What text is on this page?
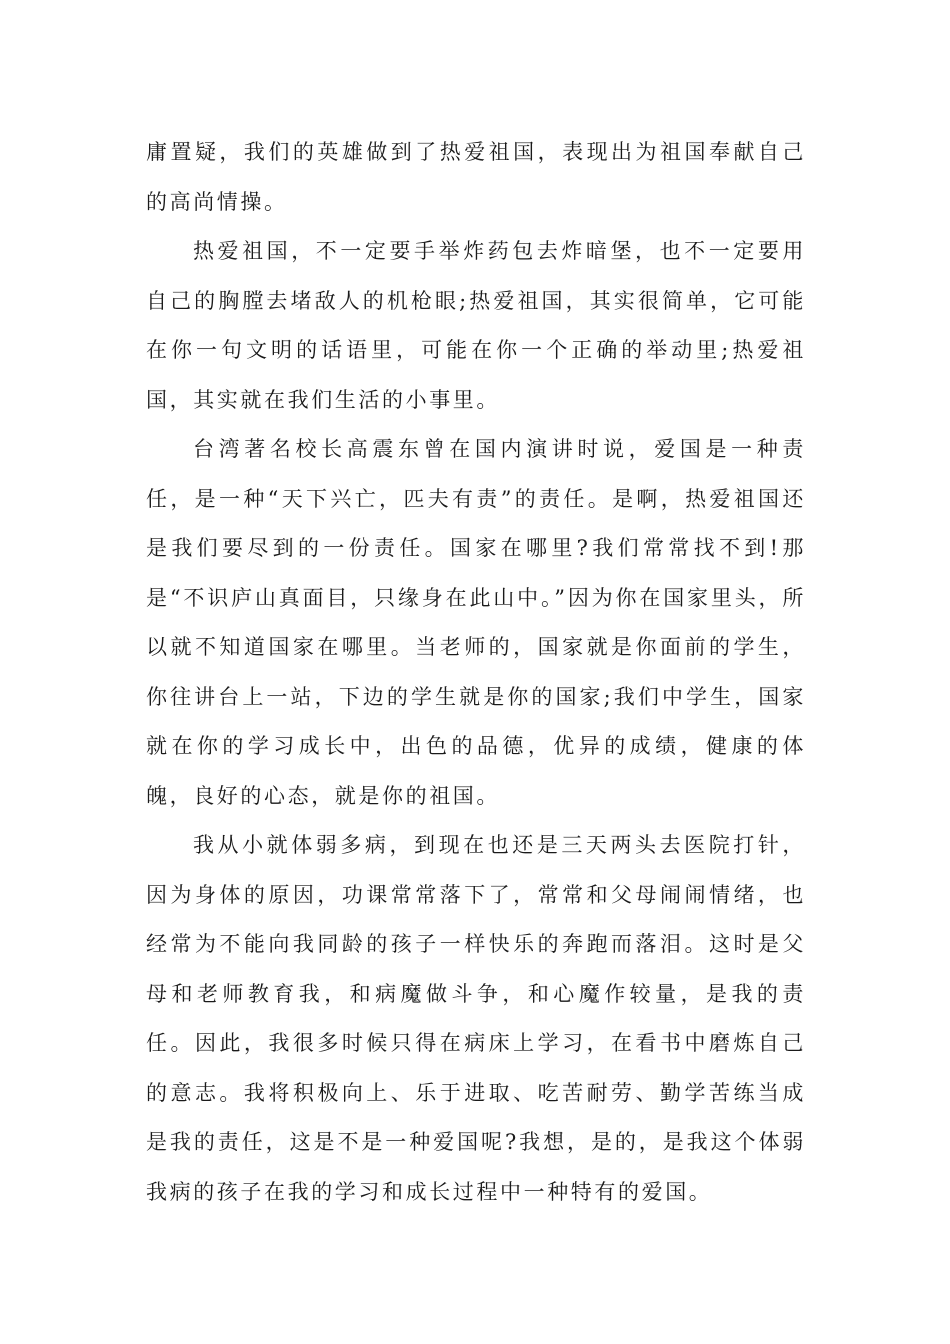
庸置疑，我们的英雄做到了热爱祖国，表现出为祖国奉献自己的高尚情操。

热爱祖国，不一定要手举炸药包去炸暗堡，也不一定要用自己的胸膛去堵敌人的机枪眼;热爱祖国，其实很简单，它可能在你一句文明的话语里，可能在你一个正确的举动里;热爱祖国，其实就在我们生活的小事里。

台湾著名校长高震东曾在国内演讲时说，爱国是一种责任，是一种“天下兴亡，匹夫有责”的责任。是啊，热爱祖国还是我们要尽到的一份责任。国家在哪里?我们常常找不到!那是“不识庐山真面目，只缘身在此山中。”因为你在国家里头，所以就不知道国家在哪里。当老师的，国家就是你面前的学生，你往讲台上一站，下边的学生就是你的国家;我们中学生，国家就在你的学习成长中，出色的品德，优异的成绩，健康的体魄，良好的心态，就是你的祖国。

我从小就体弱多病，到现在也还是三天两头去医院打针，因为身体的原因，功课常常落下了，常常和父母闹闹情绪，也经常为不能向我同龄的孩子一样快乐的奔跑而落泪。这时是父母和老师教育我，和病魔做斗争，和心魔作较量，是我的责任。因此，我很多时候只得在病床上学习，在看书中磨炼自己的意志。我将积极向上、乐于进取、吃苦耐劳、勤学苦练当成是我的责任，这是不是一种爱国呢?我想，是的，是我这个体弱我病的孩子在我的学习和成长过程中一种特有的爱国。
